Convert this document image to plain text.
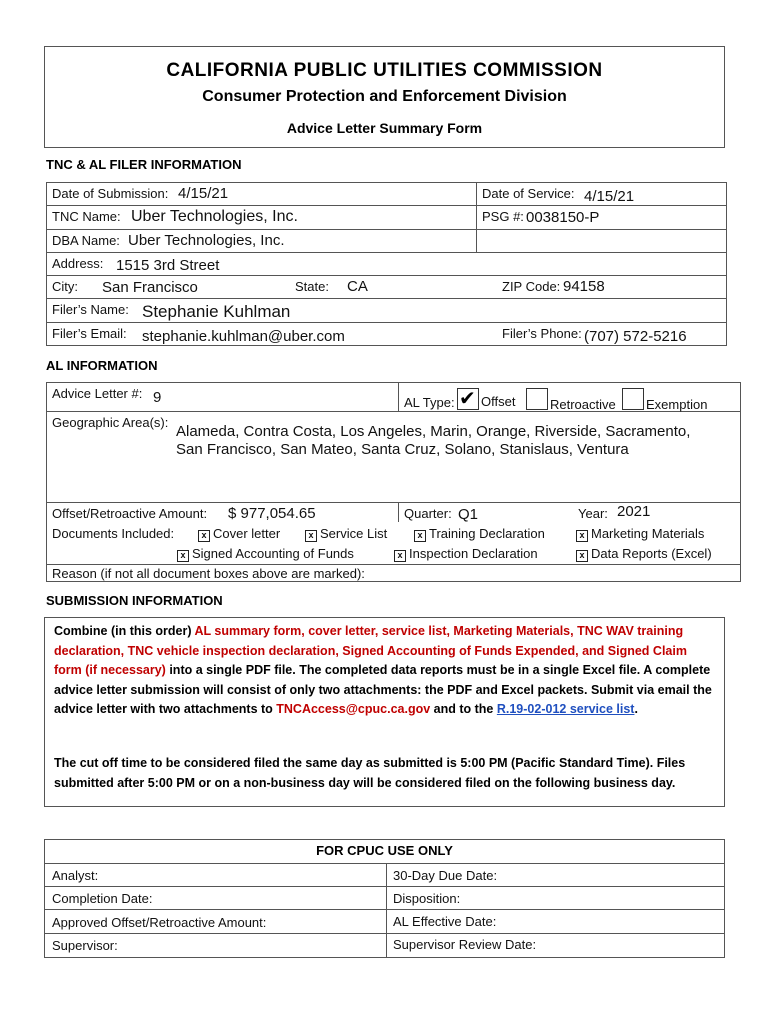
CALIFORNIA PUBLIC UTILITIES COMMISSION
Consumer Protection and Enforcement Division
Advice Letter Summary Form
TNC & AL FILER INFORMATION
Date of Submission: 4/15/21	Date of Service: 4/15/21
TNC Name: Uber Technologies, Inc.	PSG #: 0038150-P
DBA Name: Uber Technologies, Inc.
Address: 1515 3rd Street
City: San Francisco	State: CA	ZIP Code: 94158
Filer’s Name: Stephanie Kuhlman
Filer’s Email: stephanie.kuhlman@uber.com	Filer’s Phone: (707) 572-5216
AL INFORMATION
Advice Letter #: 9	AL Type: ✔ Offset	Retroactive Exemption
Geographic Area(s):
Alameda, Contra Costa, Los Angeles, Marin, Orange, Riverside, Sacramento,
San Francisco, San Mateo, Santa Cruz, Solano, Stanislaus, Ventura
Offset/Retroactive Amount: $ 977,054.65	Quarter: Q1	Year: 2021
Documents Included:	x Cover letter	x Service List	x Training Declaration	x Marketing Materials
x Signed Accounting of Funds	x Inspection Declaration	x Data Reports (Excel)
Reason (if not all document boxes above are marked):
SUBMISSION INFORMATION
Combine (in this order) AL summary form, cover letter, service list, Marketing Materials, TNC WAV training declaration, TNC vehicle inspection declaration, Signed Accounting of Funds Expended, and Signed Claim form (if necessary) into a single PDF file. The completed data reports must be in a single Excel file. A complete advice letter submission will consist of only two attachments: the PDF and Excel packets. Submit via email the advice letter with two attachments to TNCAccess@cpuc.ca.gov and to the R.19-02-012 service list.
The cut off time to be considered filed the same day as submitted is 5:00 PM (Pacific Standard Time). Files submitted after 5:00 PM or on a non-business day will be considered filed on the following business day.
FOR CPUC USE ONLY
Analyst:	30-Day Due Date:
Completion Date:	Disposition:
Approved Offset/Retroactive Amount:	AL Effective Date:
Supervisor:	Supervisor Review Date:
